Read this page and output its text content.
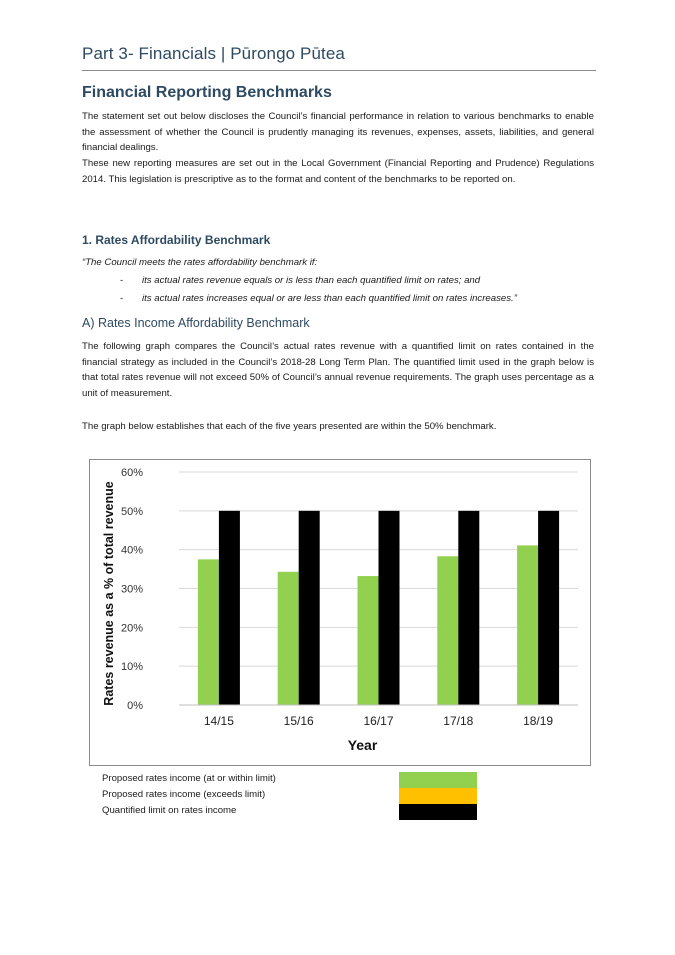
Part 3- Financials | Pūrongo Pūtea
Financial Reporting Benchmarks

The statement set out below discloses the Council’s financial performance in relation to various benchmarks to enable the assessment of whether the Council is prudently managing its revenues, expenses, assets, liabilities, and general financial dealings.

These new reporting measures are set out in the Local Government (Financial Reporting and Prudence) Regulations 2014. This legislation is prescriptive as to the format and content of the benchmarks to be reported on.

1. Rates Affordability Benchmark
“The Council meets the rates affordability benchmark if:
- its actual rates revenue equals or is less than each quantified limit on rates; and
- its actual rates increases equal or are less than each quantified limit on rates increases.”
A) Rates Income Affordability Benchmark

The following graph compares the Council’s actual rates revenue with a quantified limit on rates contained in the financial strategy as included in the Council’s 2018-28 Long Term Plan. The quantified limit used in the graph below is that total rates revenue will not exceed 50% of Council’s annual revenue requirements. The graph uses percentage as a unit of measurement.

The graph below establishes that each of the five years presented are within the 50% benchmark.

0%
10%
20%
30%
40%
50%
60%
14/15	15/16	16/17	17/18	18/19
Year
Rates revenue as a % of total revenue
Proposed rates income (at or within limit)
Proposed rates income (exceeds limit)
Quantified limit on rates income
